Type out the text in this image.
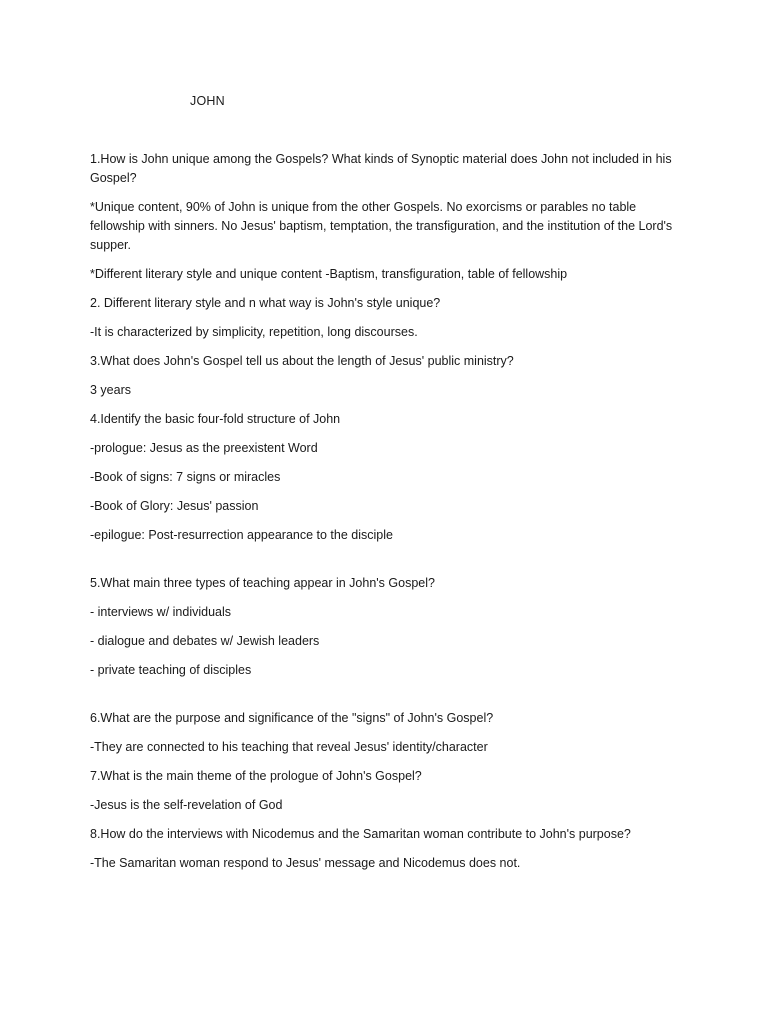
JOHN

1.How is John unique among the Gospels? What kinds of Synoptic material does John not included in his Gospel?

*Unique content, 90% of John is unique from the other Gospels. No exorcisms or parables no table fellowship with sinners. No Jesus' baptism, temptation, the transfiguration, and the institution of the Lord's supper.

*Different literary style and unique content -Baptism, transfiguration, table of fellowship

2. Different literary style and n what way is John's style unique?

-It is characterized by simplicity, repetition, long discourses.

3.What does John's Gospel tell us about the length of Jesus' public ministry?

3 years

4.Identify the basic four-fold structure of John

-prologue: Jesus as the preexistent Word

-Book of signs: 7 signs or miracles

-Book of Glory: Jesus' passion

-epilogue: Post-resurrection appearance to the disciple

5.What main three types of teaching appear in John's Gospel?

- interviews w/ individuals

- dialogue and debates w/ Jewish leaders

- private teaching of disciples

6.What are the purpose and significance of the "signs" of John's Gospel?

-They are connected to his teaching that reveal Jesus' identity/character

7.What is the main theme of the prologue of John's Gospel?

-Jesus is the self-revelation of God

8.How do the interviews with Nicodemus and the Samaritan woman contribute to John's purpose?

-The Samaritan woman respond to Jesus' message and Nicodemus does not.
